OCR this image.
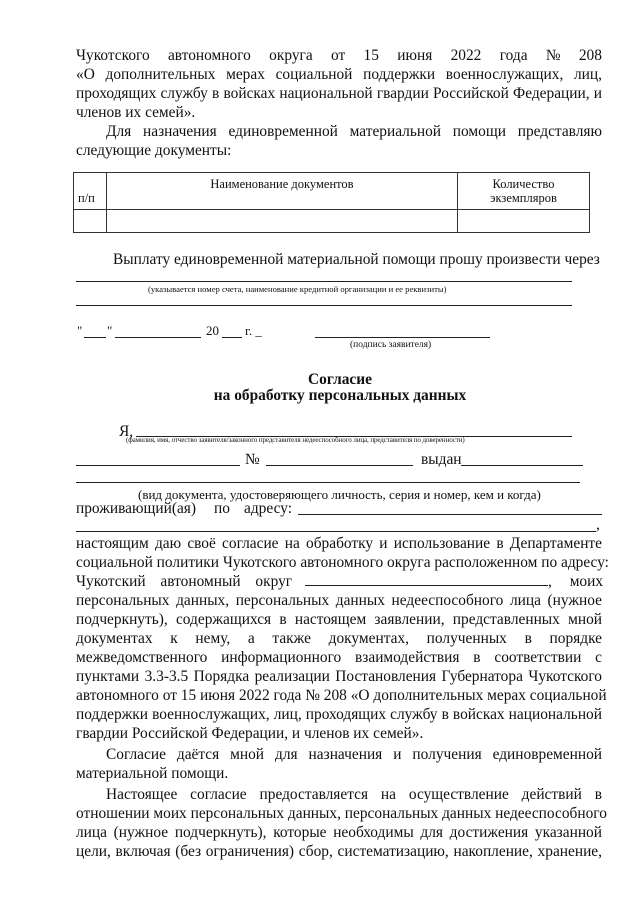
Чукотского автономного округа от 15 июня 2022 года № 208
«О дополнительных мерах социальной поддержки военнослужащих, лиц,
проходящих службу в войсках национальной гвардии Российской Федерации, и
членов их семей».
Для назначения единовременной материальной помощи представляю
следующие документы:
п/п	Наименование документов	Количество
экземпляров

Выплату единовременной материальной помощи прошу произвести через
(указывается номер счета, наименование кредитной организации и ее реквизиты)
" "	20 г. _
(подпись заявителя)
Согласие
на обработку персональных данных
Я,
(фамилия, имя, отчество заявителя/законного представителя недееспособного лица, представителя по доверенности)
№	выдан
(вид документа, удостоверяющего личность, серия и номер, кем и когда)
проживающий(ая) по адресу:
,
настоящим даю своё согласие на обработку и использование в Департаменте
социальной политики Чукотского автономного округа расположенном по адресу:
Чукотский автономный округ	, моих
персональных данных, персональных данных недееспособного лица (нужное
подчеркнуть), содержащихся в настоящем заявлении, представленных мной
документах к нему, а также документах, полученных в порядке
межведомственного информационного взаимодействия в соответствии с
пунктами 3.3-3.5 Порядка реализации Постановления Губернатора Чукотского
автономного от 15 июня 2022 года № 208 «О дополнительных мерах социальной
поддержки военнослужащих, лиц, проходящих службу в войсках национальной
гвардии Российской Федерации, и членов их семей».
Согласие даётся мной для назначения и получения единовременной
материальной помощи.
Настоящее согласие предоставляется на осуществление действий в
отношении моих персональных данных, персональных данных недееспособного
лица (нужное подчеркнуть), которые необходимы для достижения указанной
цели, включая (без ограничения) сбор, систематизацию, накопление, хранение,
